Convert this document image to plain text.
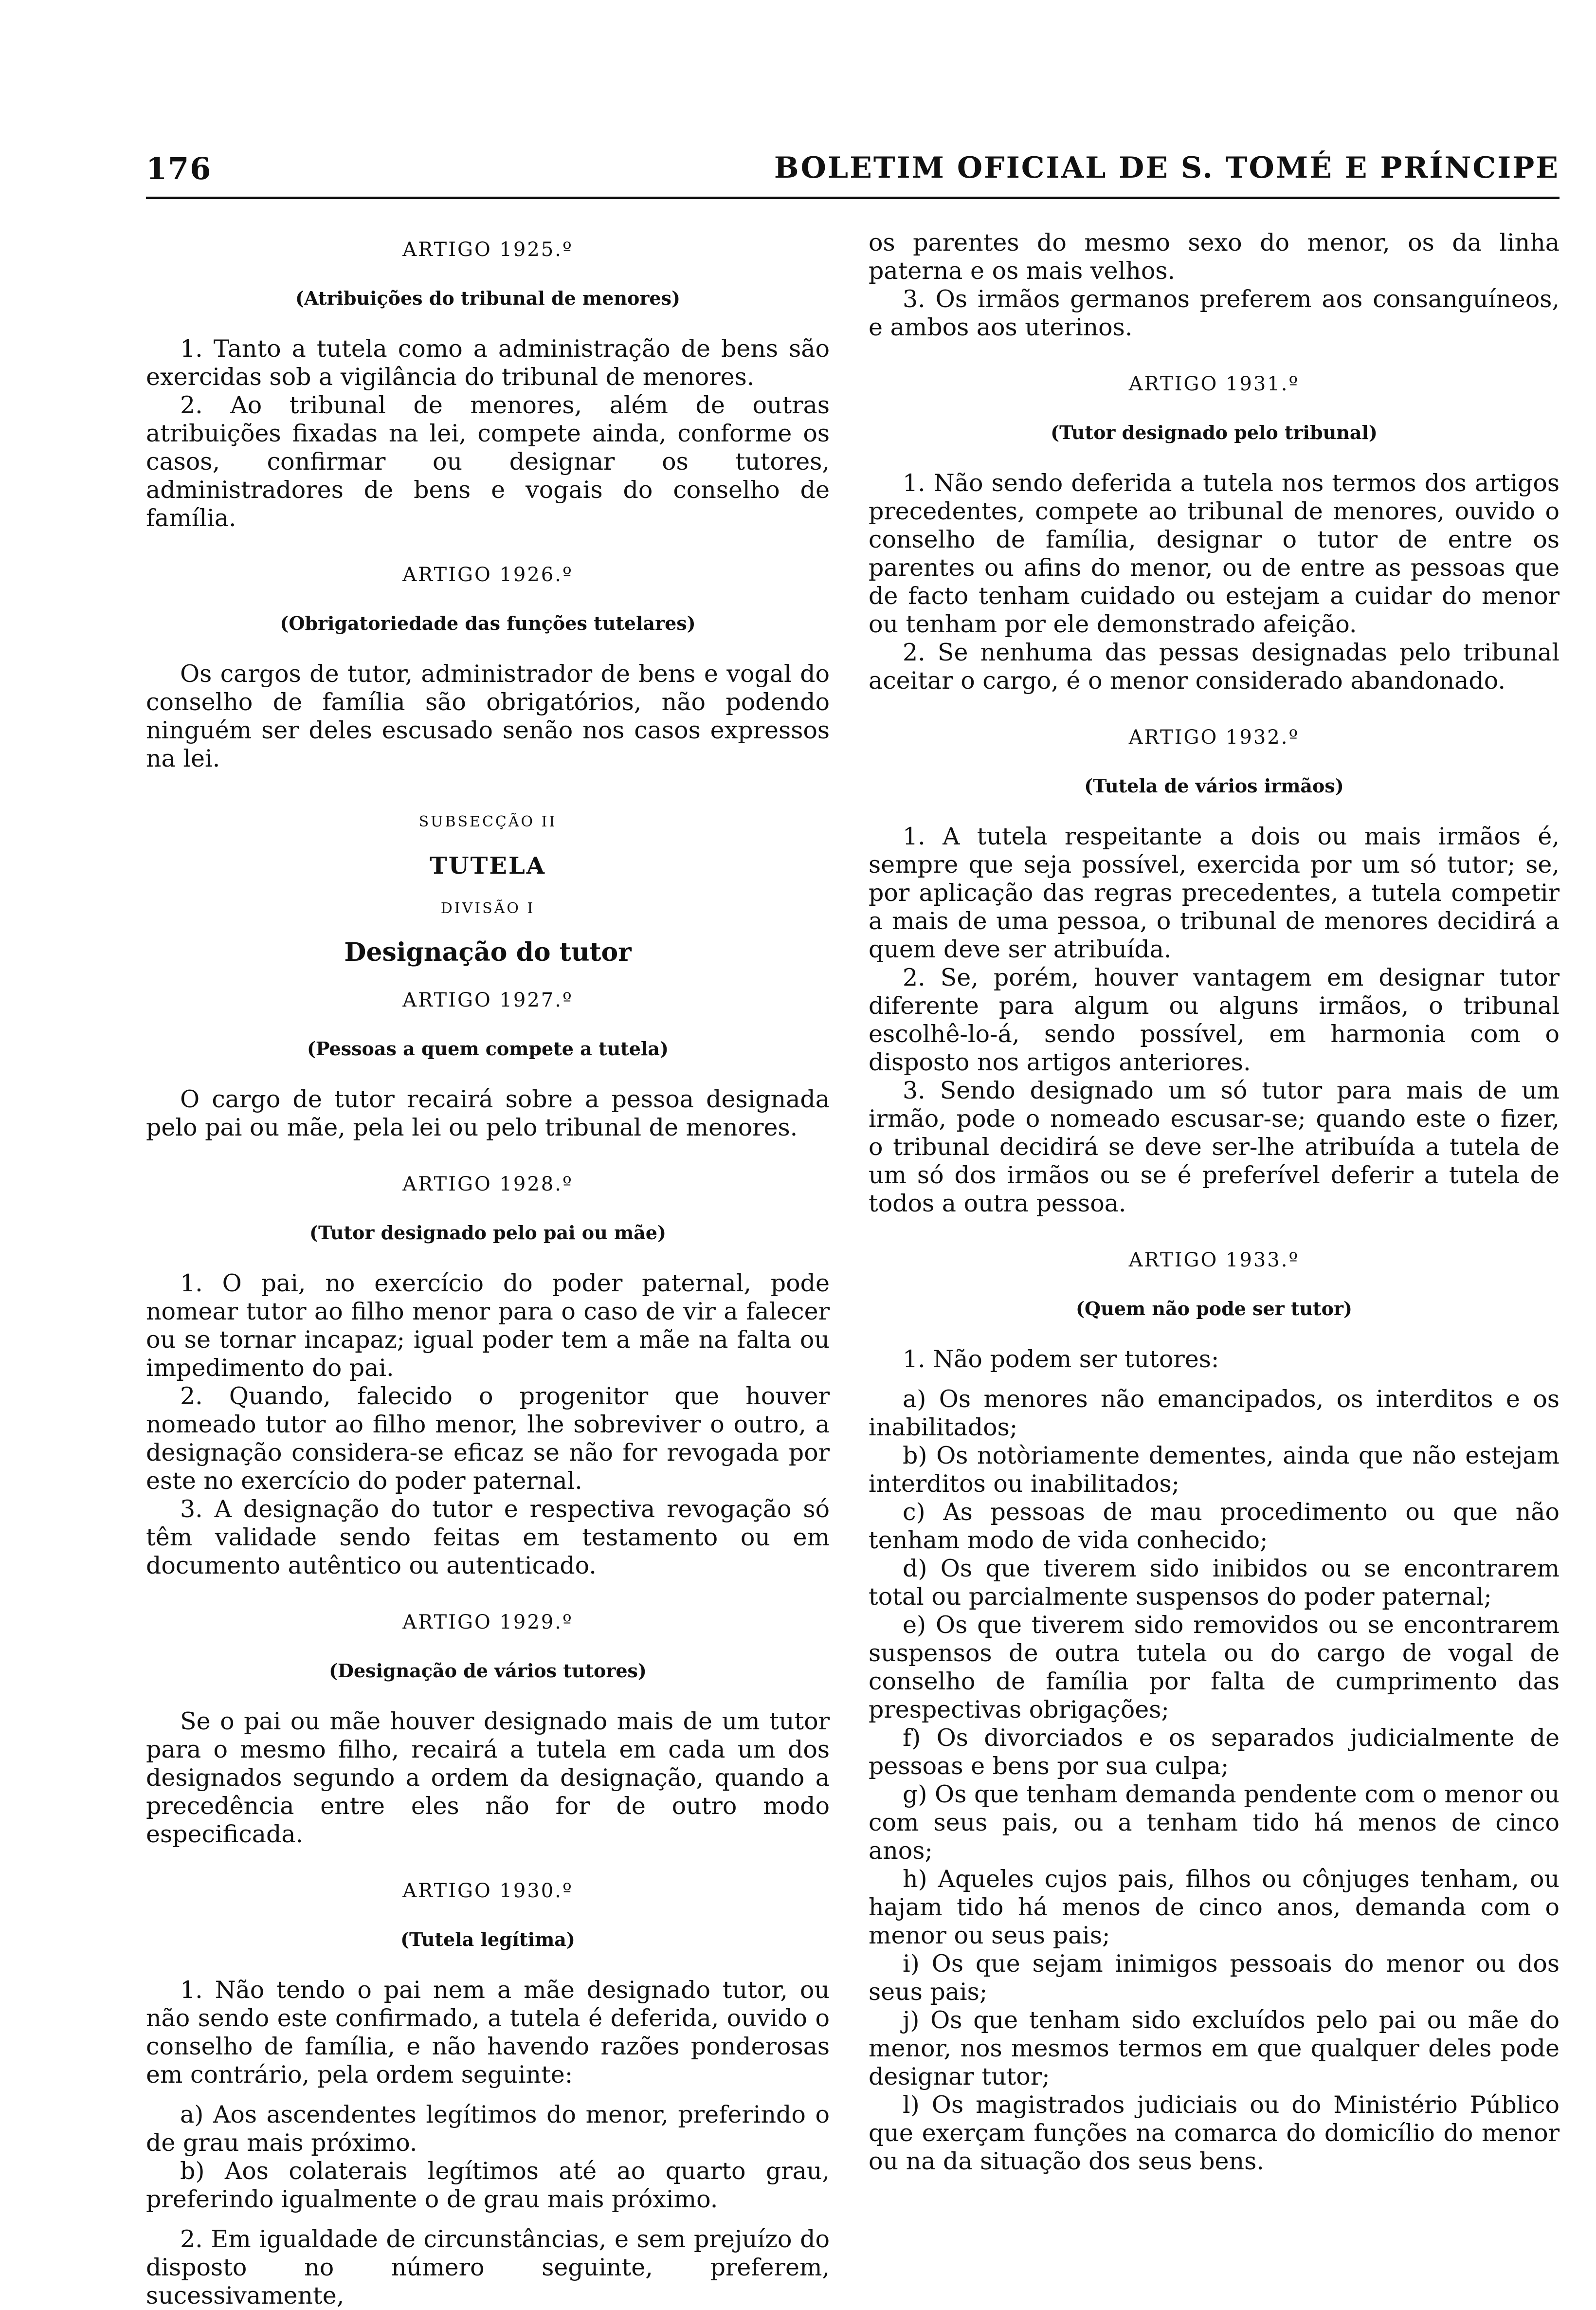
176	BOLETIM OFICIAL DE S. TOMÉ E PRÍNCIPE
ARTIGO 1925.º
(Atribuições do tribunal de menores)

1. Tanto a tutela como a administração de bens são exercidas sob a vigilância do tribunal de menores.

2. Ao tribunal de menores, além de outras atribuições fixadas na lei, compete ainda, conforme os casos, confirmar ou designar os tutores, administradores de bens e vogais do conselho de família.

ARTIGO 1926.º
(Obrigatoriedade das funções tutelares)

Os cargos de tutor, administrador de bens e vogal do conselho de família são obrigatórios, não podendo ninguém ser deles escusado senão nos casos expressos na lei.

SUBSECÇÃO II
TUTELA
DIVISÃO I
Designação do tutor
ARTIGO 1927.º
(Pessoas a quem compete a tutela)

O cargo de tutor recairá sobre a pessoa designada pelo pai ou mãe, pela lei ou pelo tribunal de menores.

ARTIGO 1928.º
(Tutor designado pelo pai ou mãe)

1. O pai, no exercício do poder paternal, pode nomear tutor ao filho menor para o caso de vir a falecer ou se tornar incapaz; igual poder tem a mãe na falta ou impedimento do pai.

2. Quando, falecido o progenitor que houver nomeado tutor ao filho menor, lhe sobreviver o outro, a designação considera-se eficaz se não for revogada por este no exercício do poder paternal.

3. A designação do tutor e respectiva revogação só têm validade sendo feitas em testamento ou em documento autêntico ou autenticado.

ARTIGO 1929.º
(Designação de vários tutores)

Se o pai ou mãe houver designado mais de um tutor para o mesmo filho, recairá a tutela em cada um dos designados segundo a ordem da designação, quando a precedência entre eles não for de outro modo especificada.

ARTIGO 1930.º
(Tutela legítima)

1. Não tendo o pai nem a mãe designado tutor, ou não sendo este confirmado, a tutela é deferida, ouvido o conselho de família, e não havendo razões ponderosas em contrário, pela ordem seguinte:

a) Aos ascendentes legítimos do menor, preferindo o de grau mais próximo.

b) Aos colaterais legítimos até ao quarto grau, preferindo igualmente o de grau mais próximo.

2. Em igualdade de circunstâncias, e sem prejuízo do disposto no número seguinte, preferem, sucessivamente,

os parentes do mesmo sexo do menor, os da linha paterna e os mais velhos.

3. Os irmãos germanos preferem aos consanguíneos, e ambos aos uterinos.

ARTIGO 1931.º
(Tutor designado pelo tribunal)

1. Não sendo deferida a tutela nos termos dos artigos precedentes, compete ao tribunal de menores, ouvido o conselho de família, designar o tutor de entre os parentes ou afins do menor, ou de entre as pessoas que de facto tenham cuidado ou estejam a cuidar do menor ou tenham por ele demonstrado afeição.

2. Se nenhuma das pessas designadas pelo tribunal aceitar o cargo, é o menor considerado abandonado.

ARTIGO 1932.º
(Tutela de vários irmãos)

1. A tutela respeitante a dois ou mais irmãos é, sempre que seja possível, exercida por um só tutor; se, por aplicação das regras precedentes, a tutela competir a mais de uma pessoa, o tribunal de menores decidirá a quem deve ser atribuída.

2. Se, porém, houver vantagem em designar tutor diferente para algum ou alguns irmãos, o tribunal escolhê-lo-á, sendo possível, em harmonia com o disposto nos artigos anteriores.

3. Sendo designado um só tutor para mais de um irmão, pode o nomeado escusar-se; quando este o fizer, o tribunal decidirá se deve ser-lhe atribuída a tutela de um só dos irmãos ou se é preferível deferir a tutela de todos a outra pessoa.

ARTIGO 1933.º
(Quem não pode ser tutor)

1. Não podem ser tutores:

a) Os menores não emancipados, os interditos e os inabilitados;

b) Os notòriamente dementes, ainda que não estejam interditos ou inabilitados;

c) As pessoas de mau procedimento ou que não tenham modo de vida conhecido;

d) Os que tiverem sido inibidos ou se encontrarem total ou parcialmente suspensos do poder paternal;

e) Os que tiverem sido removidos ou se encontrarem suspensos de outra tutela ou do cargo de vogal de conselho de família por falta de cumprimento das prespectivas obrigações;

f) Os divorciados e os separados judicialmente de pessoas e bens por sua culpa;

g) Os que tenham demanda pendente com o menor ou com seus pais, ou a tenham tido há menos de cinco anos;

h) Aqueles cujos pais, filhos ou cônjuges tenham, ou hajam tido há menos de cinco anos, demanda com o menor ou seus pais;

i) Os que sejam inimigos pessoais do menor ou dos seus pais;

j) Os que tenham sido excluídos pelo pai ou mãe do menor, nos mesmos termos em que qualquer deles pode designar tutor;

l) Os magistrados judiciais ou do Ministério Público que exerçam funções na comarca do domicílio do menor ou na da situação dos seus bens.
